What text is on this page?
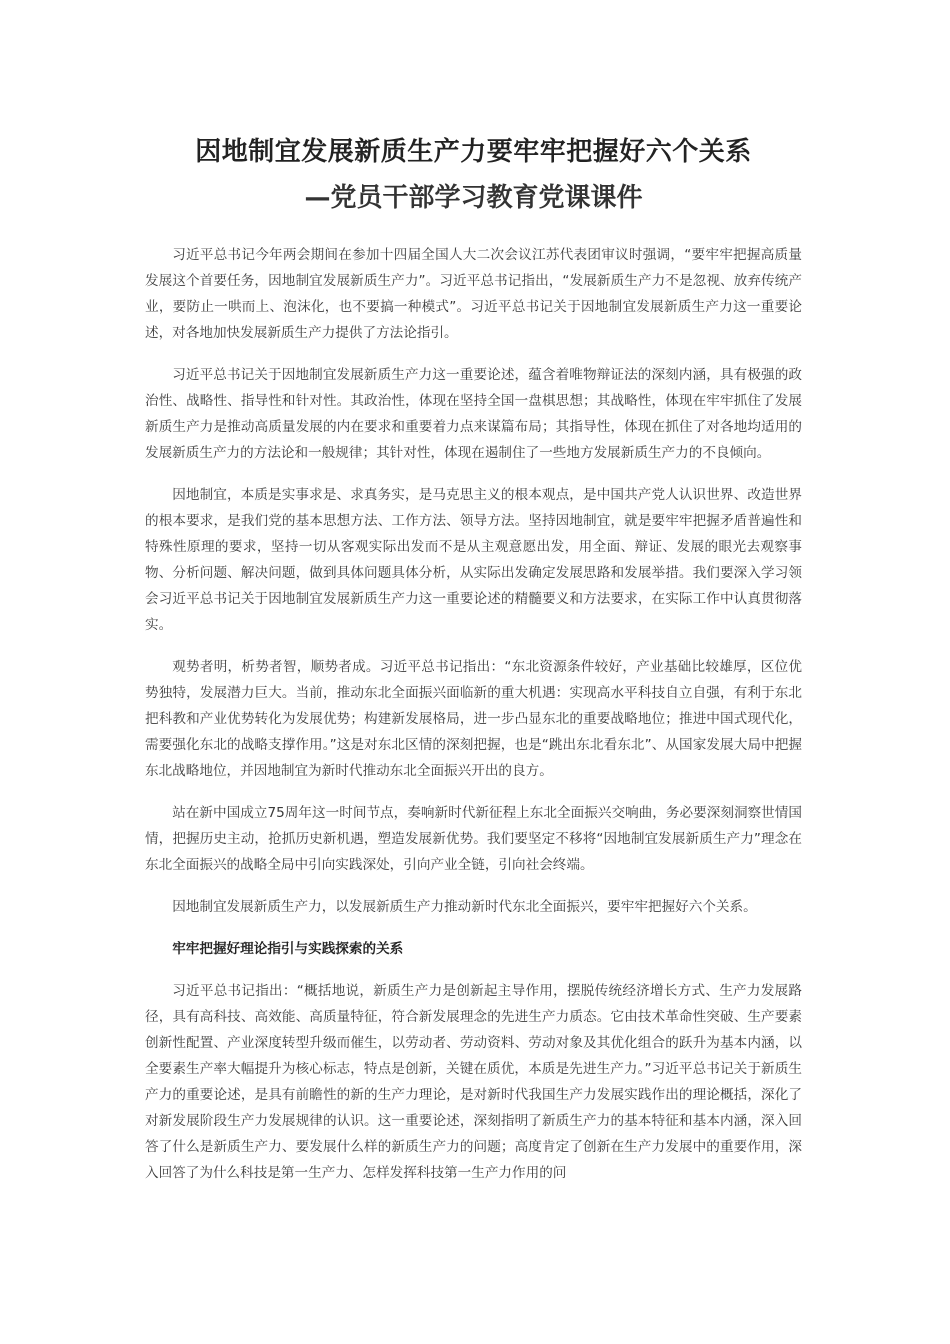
因地制宜发展新质生产力要牢牢把握好六个关系
—党员干部学习教育党课课件

习近平总书记今年两会期间在参加十四届全国人大二次会议江苏代表团审议时强调，“要牢牢把握高质量发展这个首要任务，因地制宜发展新质生产力”。习近平总书记指出，“发展新质生产力不是忽视、放弃传统产业，要防止一哄而上、泡沫化，也不要搞一种模式”。习近平总书记关于因地制宜发展新质生产力这一重要论述，对各地加快发展新质生产力提供了方法论指引。

习近平总书记关于因地制宜发展新质生产力这一重要论述，蕴含着唯物辩证法的深刻内涵，具有极强的政治性、战略性、指导性和针对性。其政治性，体现在坚持全国一盘棋思想；其战略性，体现在牢牢抓住了发展新质生产力是推动高质量发展的内在要求和重要着力点来谋篇布局；其指导性，体现在抓住了对各地均适用的发展新质生产力的方法论和一般规律；其针对性，体现在遏制住了一些地方发展新质生产力的不良倾向。

因地制宜，本质是实事求是、求真务实，是马克思主义的根本观点，是中国共产党人认识世界、改造世界的根本要求，是我们党的基本思想方法、工作方法、领导方法。坚持因地制宜，就是要牢牢把握矛盾普遍性和特殊性原理的要求，坚持一切从客观实际出发而不是从主观意愿出发，用全面、辩证、发展的眼光去观察事物、分析问题、解决问题，做到具体问题具体分析，从实际出发确定发展思路和发展举措。我们要深入学习领会习近平总书记关于因地制宜发展新质生产力这一重要论述的精髓要义和方法要求，在实际工作中认真贯彻落实。

观势者明，析势者智，顺势者成。习近平总书记指出：“东北资源条件较好，产业基础比较雄厚，区位优势独特，发展潜力巨大。当前，推动东北全面振兴面临新的重大机遇：实现高水平科技自立自强，有利于东北把科教和产业优势转化为发展优势；构建新发展格局，进一步凸显东北的重要战略地位；推进中国式现代化，需要强化东北的战略支撑作用。”这是对东北区情的深刻把握，也是“跳出东北看东北”、从国家发展大局中把握东北战略地位，并因地制宜为新时代推动东北全面振兴开出的良方。

站在新中国成立75周年这一时间节点，奏响新时代新征程上东北全面振兴交响曲，务必要深刻洞察世情国情，把握历史主动，抢抓历史新机遇，塑造发展新优势。我们要坚定不移将“因地制宜发展新质生产力”理念在东北全面振兴的战略全局中引向实践深处，引向产业全链，引向社会终端。

因地制宜发展新质生产力，以发展新质生产力推动新时代东北全面振兴，要牢牢把握好六个关系。

牢牢把握好理论指引与实践探索的关系

习近平总书记指出：“概括地说，新质生产力是创新起主导作用，摆脱传统经济增长方式、生产力发展路径，具有高科技、高效能、高质量特征，符合新发展理念的先进生产力质态。它由技术革命性突破、生产要素创新性配置、产业深度转型升级而催生，以劳动者、劳动资料、劳动对象及其优化组合的跃升为基本内涵，以全要素生产率大幅提升为核心标志，特点是创新，关键在质优，本质是先进生产力。”习近平总书记关于新质生产力的重要论述，是具有前瞻性的新的生产力理论，是对新时代我国生产力发展实践作出的理论概括，深化了对新发展阶段生产力发展规律的认识。这一重要论述，深刻指明了新质生产力的基本特征和基本内涵，深入回答了什么是新质生产力、要发展什么样的新质生产力的问题；高度肯定了创新在生产力发展中的重要作用，深入回答了为什么科技是第一生产力、怎样发挥科技第一生产力作用的问
